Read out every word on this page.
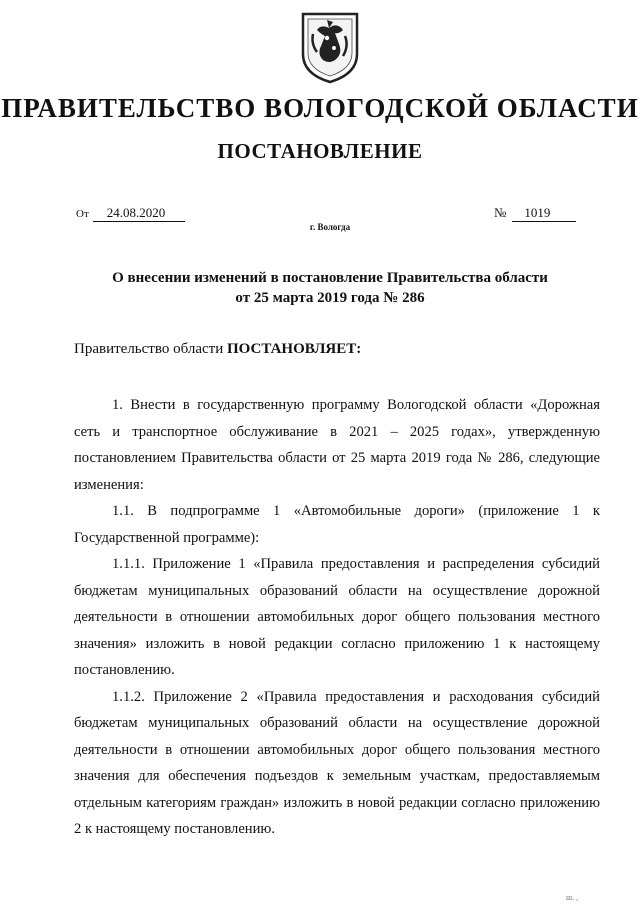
ПРАВИТЕЛЬСТВО ВОЛОГОДСКОЙ ОБЛАСТИ
ПОСТАНОВЛЕНИЕ
От 24.08.2020	№ 1019
г. Вологда
О внесении изменений в постановление Правительства области
от 25 марта 2019 года № 286
Правительство области ПОСТАНОВЛЯЕТ:

1. Внести в государственную программу Вологодской области «Дорожная сеть и транспортное обслуживание в 2021 – 2025 годах», утвержденную постановлением Правительства области от 25 марта 2019 года № 286, следующие изменения:

1.1. В подпрограмме 1 «Автомобильные дороги» (приложение 1 к Государственной программе):

1.1.1. Приложение 1 «Правила предоставления и распределения субсидий бюджетам муниципальных образований области на осуществление дорожной деятельности в отношении автомобильных дорог общего пользования местного значения» изложить в новой редакции согласно приложению 1 к настоящему постановлению.

1.1.2. Приложение 2 «Правила предоставления и расходования субсидий бюджетам муниципальных образований области на осуществление дорожной деятельности в отношении автомобильных дорог общего пользования местного значения для обеспечения подъездов к земельным участкам, предоставляемым отдельным категориям граждан» изложить в новой редакции согласно приложению 2 к настоящему постановлению.

ш. ,
